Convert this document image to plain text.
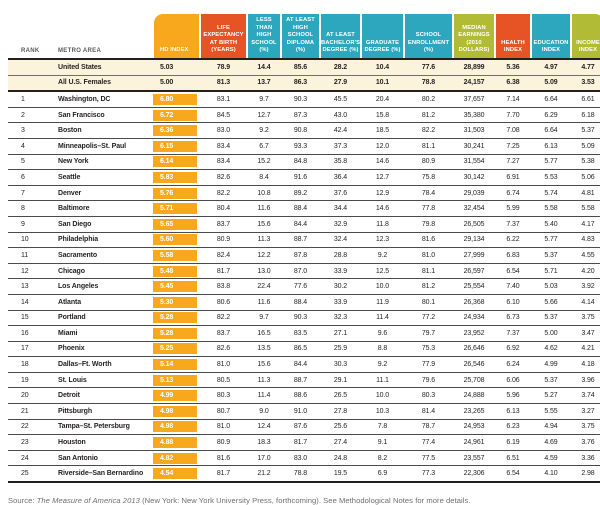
RANK	METRO AREA	HD INDEX	LIFE EXPECTANCY AT BIRTH (YEARS)	LESS THAN HIGH SCHOOL (%)	AT LEAST HIGH SCHOOL DIPLOMA (%)	AT LEAST BACHELOR'S DEGREE (%)	GRADUATE DEGREE (%)	SCHOOL ENROLLMENT (%)	MEDIAN EARNINGS (2010 DOLLARS)	HEALTH INDEX	EDUCATION INDEX	INCOME INDEX

	United States	5.03	78.9	14.4	85.6	28.2	10.4	77.6	28,899	5.36	4.97	4.77
	All U.S. Females	5.00	81.3	13.7	86.3	27.9	10.1	78.8	24,157	6.38	5.09	3.53
1	Washington, DC	6.80	83.1	9.7	90.3	45.5	20.4	80.2	37,657	7.14	6.64	6.61
2	San Francisco	6.72	84.5	12.7	87.3	43.0	15.8	81.2	35,380	7.70	6.29	6.18
3	Boston	6.36	83.0	9.2	90.8	42.4	18.5	82.2	31,503	7.08	6.64	5.37
4	Minneapolis–St. Paul	6.15	83.4	6.7	93.3	37.3	12.0	81.1	30,241	7.25	6.13	5.09
5	New York	6.14	83.4	15.2	84.8	35.8	14.6	80.9	31,554	7.27	5.77	5.38
6	Seattle	5.83	82.6	8.4	91.6	36.4	12.7	75.8	30,142	6.91	5.53	5.06
7	Denver	5.76	82.2	10.8	89.2	37.6	12.9	78.4	29,039	6.74	5.74	4.81
8	Baltimore	5.71	80.4	11.6	88.4	34.4	14.6	77.8	32,454	5.99	5.58	5.58
9	San Diego	5.65	83.7	15.6	84.4	32.9	11.8	79.8	26,505	7.37	5.40	4.17
10	Philadelphia	5.60	80.9	11.3	88.7	32.4	12.3	81.6	29,134	6.22	5.77	4.83
11	Sacramento	5.58	82.4	12.2	87.8	28.8	9.2	81.0	27,999	6.83	5.37	4.55
12	Chicago	5.48	81.7	13.0	87.0	33.9	12.5	81.1	26,597	6.54	5.71	4.20
13	Los Angeles	5.45	83.8	22.4	77.6	30.2	10.0	81.2	25,554	7.40	5.03	3.92
14	Atlanta	5.30	80.6	11.6	88.4	33.9	11.9	80.1	26,368	6.10	5.66	4.14
15	Portland	5.28	82.2	9.7	90.3	32.3	11.4	77.2	24,934	6.73	5.37	3.75
16	Miami	5.28	83.7	16.5	83.5	27.1	9.6	79.7	23,952	7.37	5.00	3.47
17	Phoenix	5.25	82.6	13.5	86.5	25.9	8.8	75.3	26,646	6.92	4.62	4.21
18	Dallas–Ft. Worth	5.14	81.0	15.6	84.4	30.3	9.2	77.9	26,546	6.24	4.99	4.18
19	St. Louis	5.13	80.5	11.3	88.7	29.1	11.1	79.6	25,708	6.06	5.37	3.96
20	Detroit	4.99	80.3	11.4	88.6	26.5	10.0	80.3	24,888	5.96	5.27	3.74
21	Pittsburgh	4.98	80.7	9.0	91.0	27.8	10.3	81.4	23,265	6.13	5.55	3.27
22	Tampa–St. Petersburg	4.98	81.0	12.4	87.6	25.6	7.8	78.7	24,953	6.23	4.94	3.75
23	Houston	4.88	80.9	18.3	81.7	27.4	9.1	77.4	24,961	6.19	4.69	3.76
24	San Antonio	4.82	81.6	17.0	83.0	24.8	8.2	77.5	23,557	6.51	4.59	3.36
25	Riverside–San Bernardino	4.54	81.7	21.2	78.8	19.5	6.9	77.3	22,306	6.54	4.10	2.98
Source: The Measure of America 2013 (New York: New York University Press, forthcoming). See Methodological Notes for more details.
